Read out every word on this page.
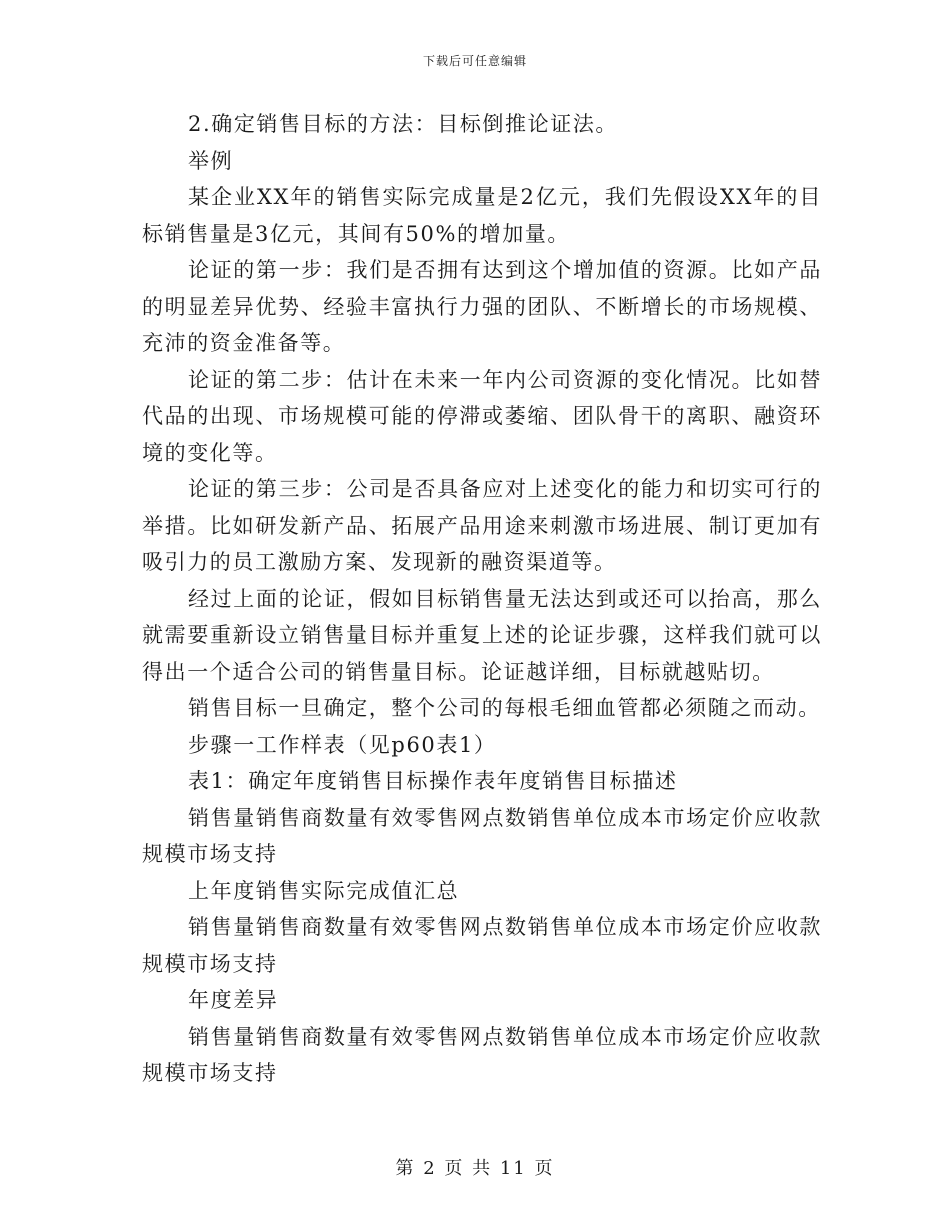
下载后可任意编辑

2.确定销售目标的方法：目标倒推论证法。

举例

某企业XX年的销售实际完成量是2亿元，我们先假设XX年的目标销售量是3亿元，其间有50%的增加量。

论证的第一步：我们是否拥有达到这个增加值的资源。比如产品的明显差异优势、经验丰富执行力强的团队、不断增长的市场规模、充沛的资金准备等。

论证的第二步：估计在未来一年内公司资源的变化情况。比如替代品的出现、市场规模可能的停滞或萎缩、团队骨干的离职、融资环境的变化等。

论证的第三步：公司是否具备应对上述变化的能力和切实可行的举措。比如研发新产品、拓展产品用途来刺激市场进展、制订更加有吸引力的员工激励方案、发现新的融资渠道等。

经过上面的论证，假如目标销售量无法达到或还可以抬高，那么就需要重新设立销售量目标并重复上述的论证步骤，这样我们就可以得出一个适合公司的销售量目标。论证越详细，目标就越贴切。

销售目标一旦确定，整个公司的每根毛细血管都必须随之而动。

步骤一工作样表（见p60表1）

表1：确定年度销售目标操作表年度销售目标描述

销售量销售商数量有效零售网点数销售单位成本市场定价应收款规模市场支持

上年度销售实际完成值汇总

销售量销售商数量有效零售网点数销售单位成本市场定价应收款规模市场支持

年度差异

销售量销售商数量有效零售网点数销售单位成本市场定价应收款规模市场支持

第 2 页 共 11 页
